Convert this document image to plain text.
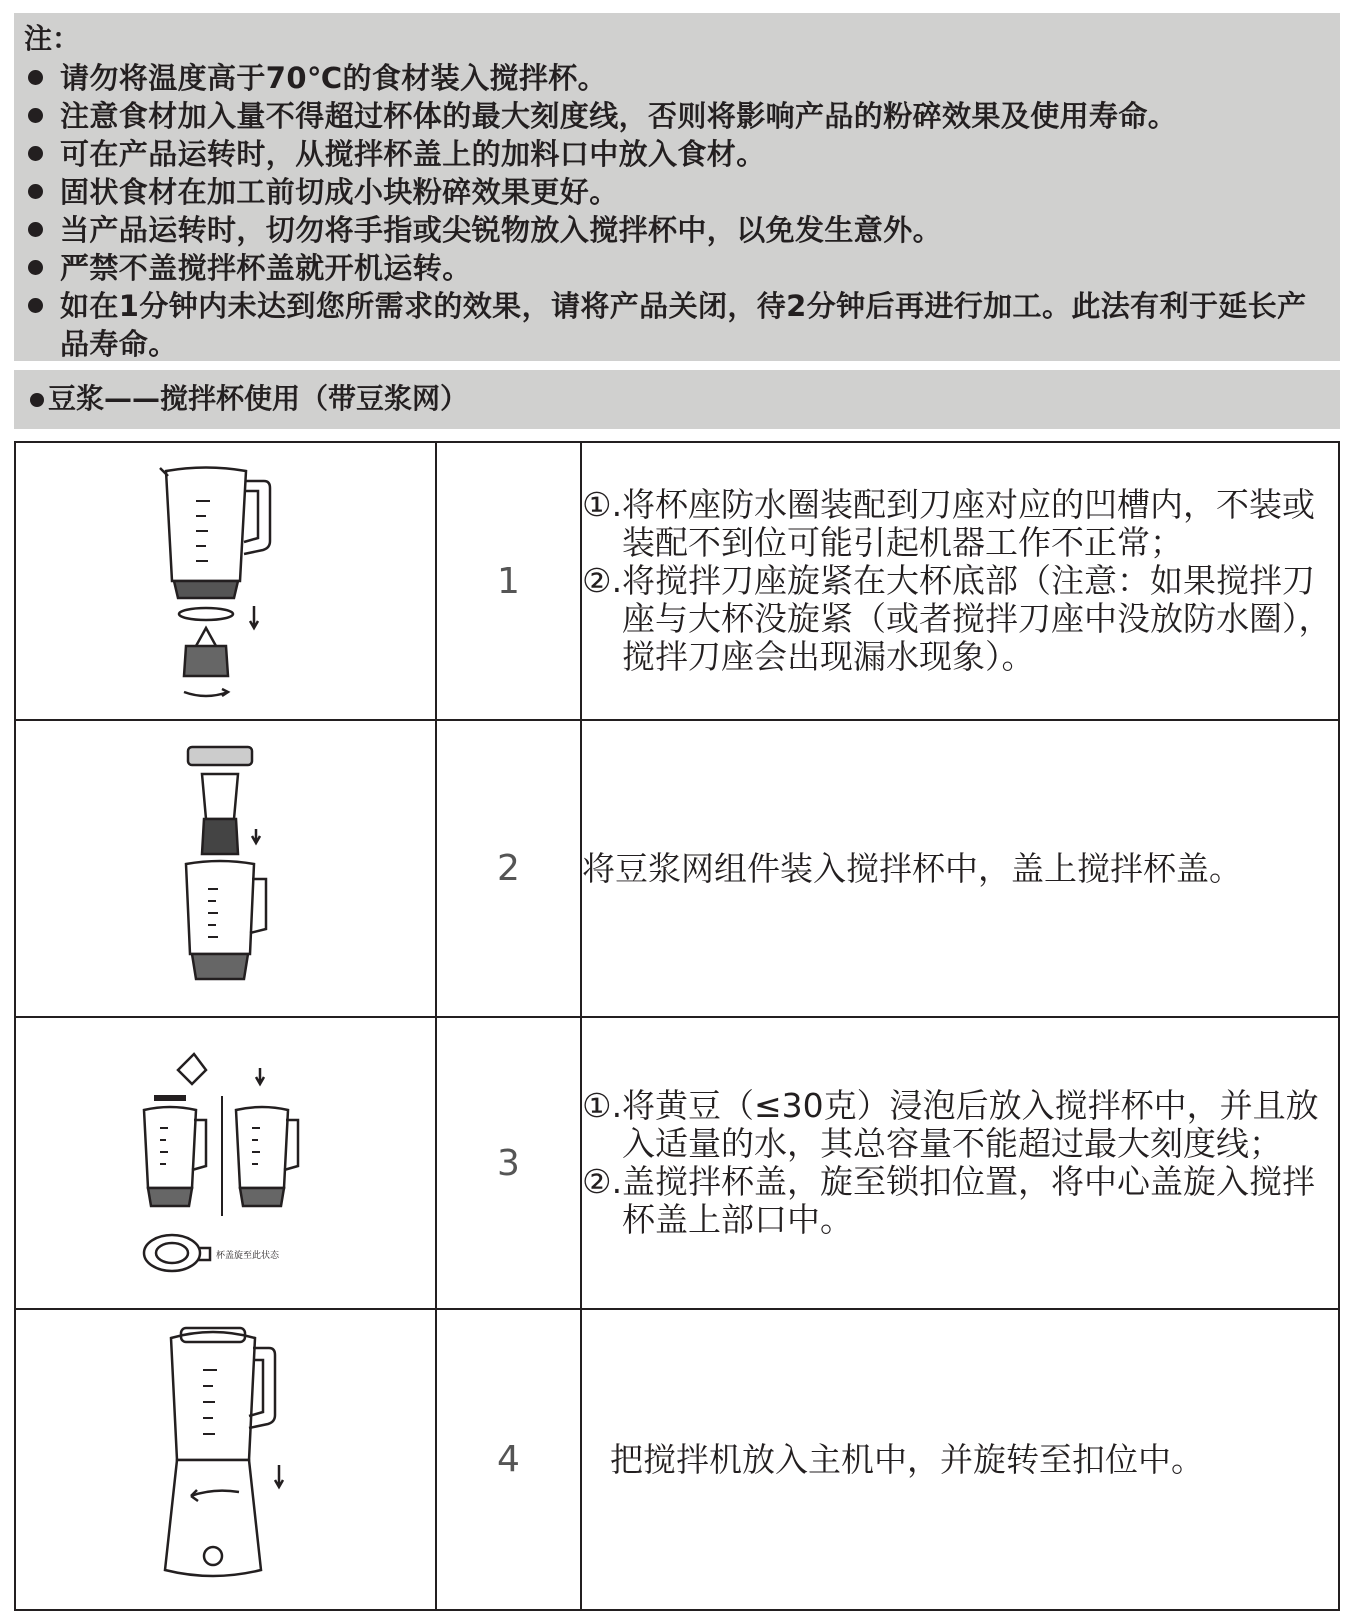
注：
请勿将温度高于70℃的食材装入搅拌杯。
注意食材加入量不得超过杯体的最大刻度线，否则将影响产品的粉碎效果及使用寿命。
可在产品运转时，从搅拌杯盖上的加料口中放入食材。
固状食材在加工前切成小块粉碎效果更好。
当产品运转时，切勿将手指或尖锐物放入搅拌杯中，以免发生意外。
严禁不盖搅拌杯盖就开机运转。
如在1分钟内未达到您所需求的效果，请将产品关闭，待2分钟后再进行加工。此法有利于延长产品寿命。
豆浆——搅拌杯使用（带豆浆网）
	1	①. 将杯座防水圈装配到刀座对应的凹槽内，不装或装配不到位可能引起机器工作不正常；
②. 将搅拌刀座旋紧在大杯底部（注意：如果搅拌刀座与大杯没旋紧（或者搅拌刀座中没放防水圈），搅拌刀座会出现漏水现象）。

	2	将豆浆网组件装入搅拌杯中，盖上搅拌杯盖。

杯盖旋至此状态	3	①. 将黄豆（≤30克）浸泡后放入搅拌杯中，并且放入适量的水，其总容量不能超过最大刻度线；
②. 盖搅拌杯盖，旋至锁扣位置，将中心盖旋入搅拌杯盖上部口中。

	4	把搅拌机放入主机中，并旋转至扣位中。
